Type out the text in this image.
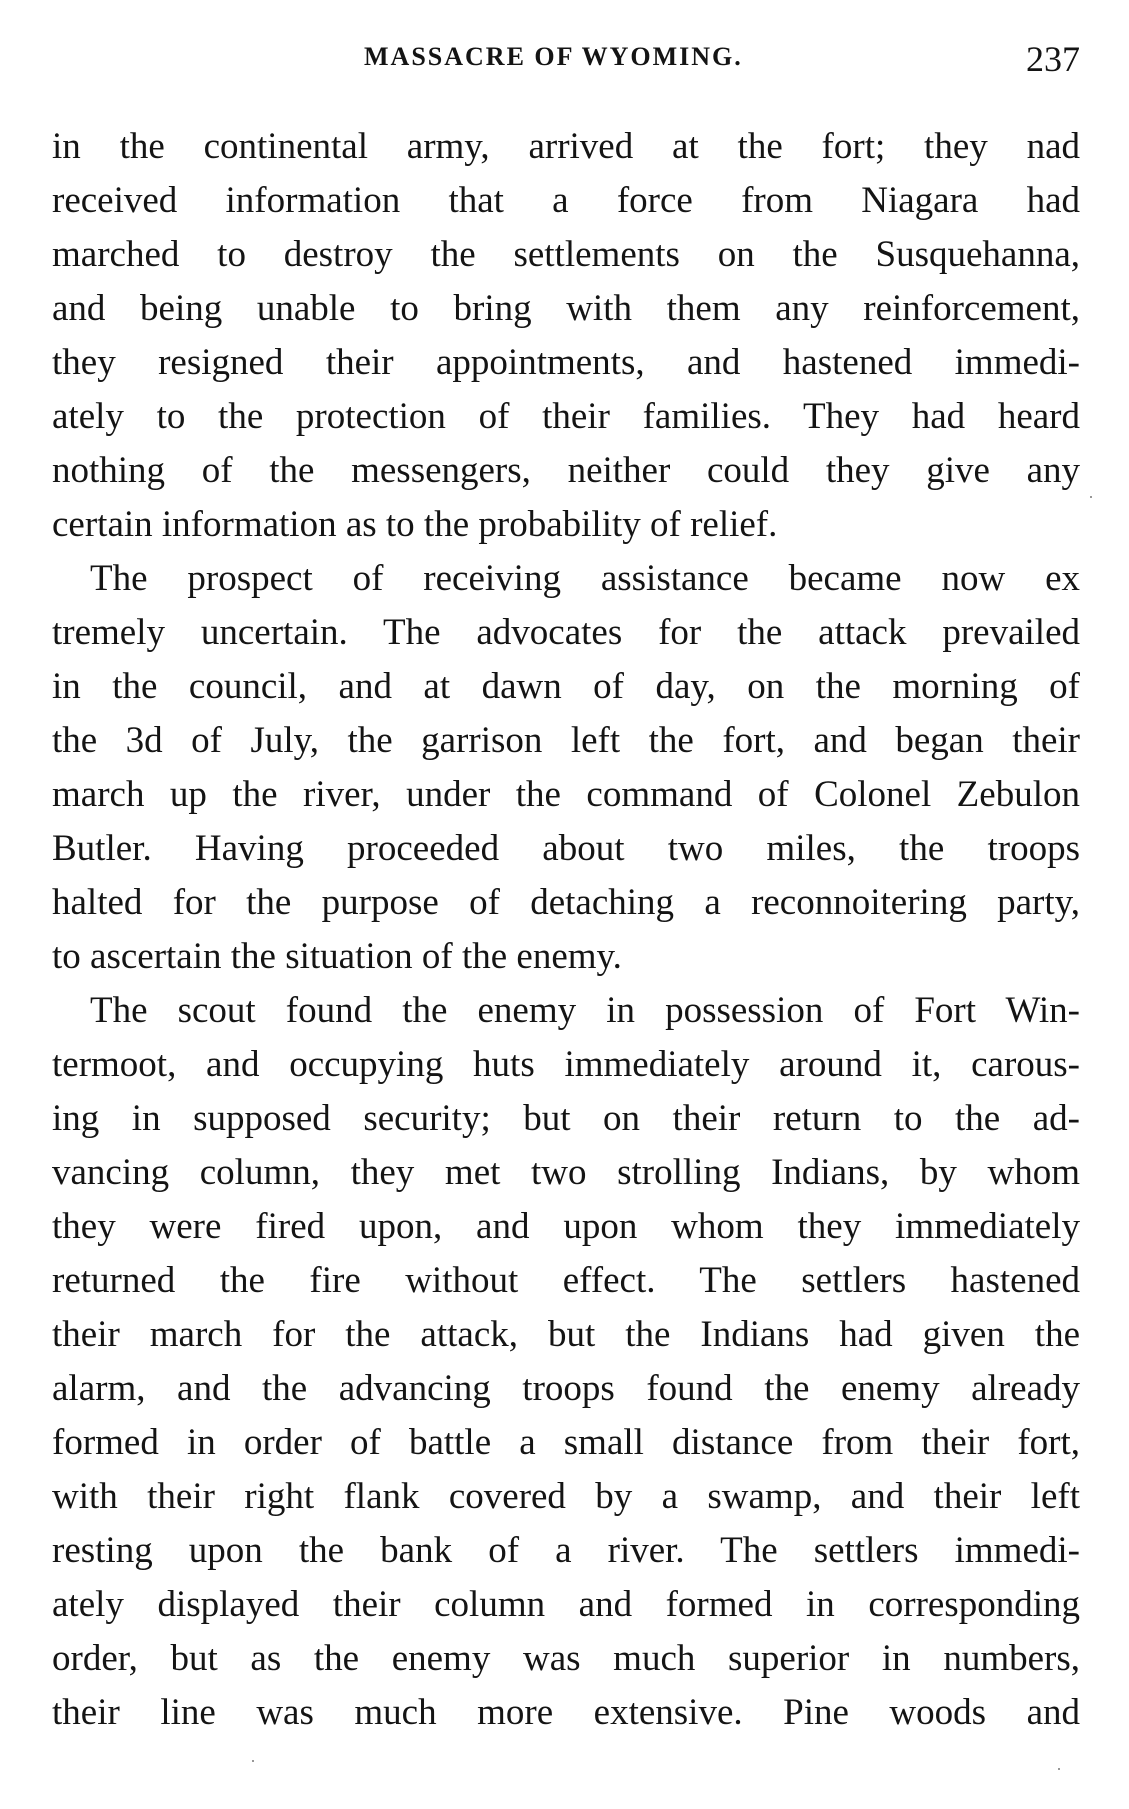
MASSACRE OF WYOMING.	237
in the continental army, arrived at the fort; they nad
received information that a force from Niagara had
marched to destroy the settlements on the Susquehanna,
and being unable to bring with them any reinforcement,
they resigned their appointments, and hastened immedi-
ately to the protection of their families. They had heard
nothing of the messengers, neither could they give any
certain information as to the probability of relief.
The prospect of receiving assistance became now ex
tremely uncertain. The advocates for the attack prevailed
in the council, and at dawn of day, on the morning of
the 3d of July, the garrison left the fort, and began their
march up the river, under the command of Colonel Zebulon
Butler. Having proceeded about two miles, the troops
halted for the purpose of detaching a reconnoitering party,
to ascertain the situation of the enemy.
The scout found the enemy in possession of Fort Win-
termoot, and occupying huts immediately around it, carous-
ing in supposed security; but on their return to the ad-
vancing column, they met two strolling Indians, by whom
they were fired upon, and upon whom they immediately
returned the fire without effect. The settlers hastened
their march for the attack, but the Indians had given the
alarm, and the advancing troops found the enemy already
formed in order of battle a small distance from their fort,
with their right flank covered by a swamp, and their left
resting upon the bank of a river. The settlers immedi-
ately displayed their column and formed in corresponding
order, but as the enemy was much superior in numbers,
their line was much more extensive. Pine woods and
